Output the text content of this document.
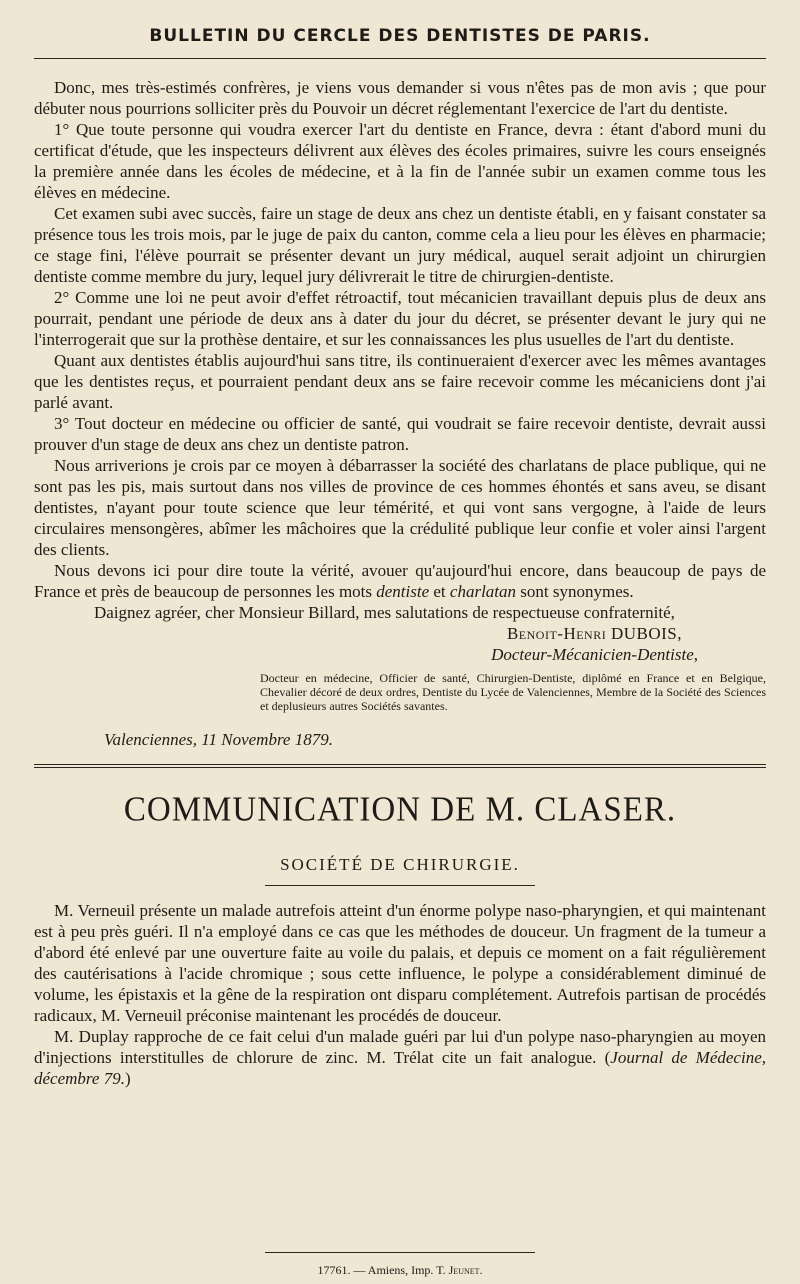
BULLETIN DU CERCLE DES DENTISTES DE PARIS.

Donc, mes très-estimés confrères, je viens vous demander si vous n'êtes pas de mon avis ; que pour débuter nous pourrions solliciter près du Pouvoir un décret réglementant l'exercice de l'art du dentiste.

1° Que toute personne qui voudra exercer l'art du dentiste en France, devra : étant d'abord muni du certificat d'étude, que les inspecteurs délivrent aux élèves des écoles primaires, suivre les cours enseignés la première année dans les écoles de médecine, et à la fin de l'année subir un examen comme tous les élèves en médecine.

Cet examen subi avec succès, faire un stage de deux ans chez un dentiste établi, en y faisant constater sa présence tous les trois mois, par le juge de paix du canton, comme cela a lieu pour les élèves en pharmacie; ce stage fini, l'élève pourrait se présenter devant un jury médical, auquel serait adjoint un chirurgien dentiste comme membre du jury, lequel jury délivrerait le titre de chirurgien-dentiste.

2° Comme une loi ne peut avoir d'effet rétroactif, tout mécanicien travaillant depuis plus de deux ans pourrait, pendant une période de deux ans à dater du jour du décret, se présenter devant le jury qui ne l'interrogerait que sur la prothèse dentaire, et sur les connaissances les plus usuelles de l'art du dentiste.

Quant aux dentistes établis aujourd'hui sans titre, ils continueraient d'exercer avec les mêmes avantages que les dentistes reçus, et pourraient pendant deux ans se faire recevoir comme les mécaniciens dont j'ai parlé avant.

3° Tout docteur en médecine ou officier de santé, qui voudrait se faire recevoir dentiste, devrait aussi prouver d'un stage de deux ans chez un dentiste patron.

Nous arriverions je crois par ce moyen à débarrasser la société des charlatans de place publique, qui ne sont pas les pis, mais surtout dans nos villes de province de ces hommes éhontés et sans aveu, se disant dentistes, n'ayant pour toute science que leur témérité, et qui vont sans vergogne, à l'aide de leurs circulaires mensongères, abîmer les mâchoires que la crédulité publique leur confie et voler ainsi l'argent des clients.

Nous devons ici pour dire toute la vérité, avouer qu'aujourd'hui encore, dans beaucoup de pays de France et près de beaucoup de personnes les mots dentiste et charlatan sont synonymes.

Daignez agréer, cher Monsieur Billard, mes salutations de respectueuse confraternité,

Benoit-Henri DUBOIS,
Docteur-Mécanicien-Dentiste,
Docteur en médecine, Officier de santé, Chirurgien-Dentiste, diplômé en France et en Belgique, Chevalier décoré de deux ordres, Dentiste du Lycée de Valenciennes, Membre de la Société des Sciences et deplusieurs autres Sociétés savantes.
Valenciennes, 11 Novembre 1879.
COMMUNICATION DE M. CLASER.
SOCIÉTÉ DE CHIRURGIE.

M. Verneuil présente un malade autrefois atteint d'un énorme polype naso-pharyngien, et qui maintenant est à peu près guéri. Il n'a employé dans ce cas que les méthodes de douceur. Un fragment de la tumeur a d'abord été enlevé par une ouverture faite au voile du palais, et depuis ce moment on a fait régulièrement des cautérisations à l'acide chromique ; sous cette influence, le polype a considérablement diminué de volume, les épistaxis et la gêne de la respiration ont disparu complétement. Autrefois partisan de procédés radicaux, M. Verneuil préconise maintenant les procédés de douceur.

M. Duplay rapproche de ce fait celui d'un malade guéri par lui d'un polype naso-pharyngien au moyen d'injections interstitulles de chlorure de zinc. M. Trélat cite un fait analogue. (Journal de Médecine, décembre 79.)

17761. — Amiens, Imp. T. Jeunet.
